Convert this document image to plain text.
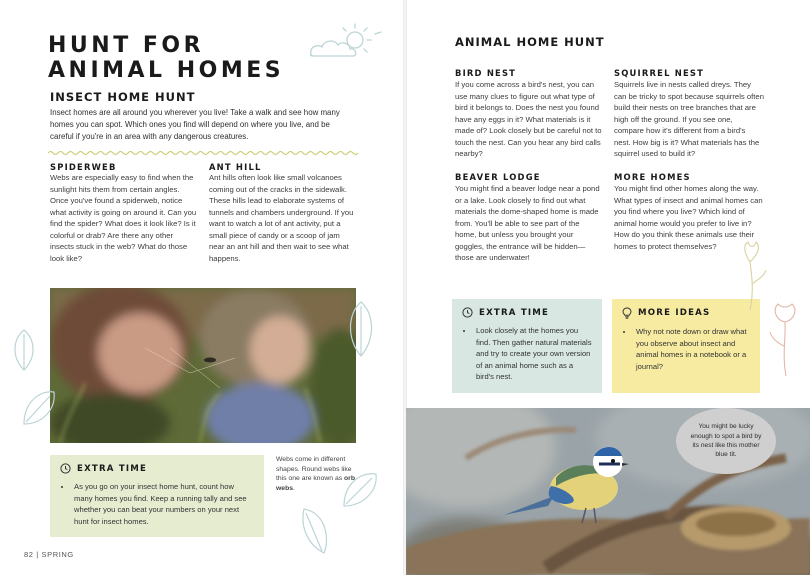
HUNT FOR
ANIMAL HOMES
INSECT HOME HUNT

Insect homes are all around you wherever you live! Take a walk and see how many homes you can spot. Which ones you find will depend on where you live, and be careful if you're in an area with any dangerous creatures.

SPIDERWEB

Webs are especially easy to find when the sunlight hits them from certain angles. Once you've found a spiderweb, notice what activity is going on around it. Can you find the spider? What does it look like? Is it colorful or drab? Are there any other insects stuck in the web? What do those look like?

ANT HILL

Ant hills often look like small volcanoes coming out of the cracks in the sidewalk. These hills lead to elaborate systems of tunnels and chambers underground. If you want to watch a lot of ant activity, put a small piece of candy or a scoop of jam near an ant hill and then wait to see what happens.

EXTRA TIME
• As you go on your insect home hunt, count how many homes you find. Keep a running tally and see whether you can beat your numbers on your next hunt for insect homes.
Webs come in different shapes. Round webs like this one are known as orb webs.
82 | SPRING
ANIMAL HOME HUNT
BIRD NEST

If you come across a bird's nest, you can use many clues to figure out what type of bird it belongs to. Does the nest you found have any eggs in it? What materials is it made of? Look closely but be careful not to touch the nest. Can you hear any bird calls nearby?

SQUIRREL NEST

Squirrels live in nests called dreys. They can be tricky to spot because squirrels often build their nests on tree branches that are high off the ground. If you see one, compare how it's different from a bird's nest. How big is it? What materials has the squirrel used to build it?

BEAVER LODGE

You might find a beaver lodge near a pond or a lake. Look closely to find out what materials the dome-shaped home is made from. You'll be able to see part of the home, but unless you brought your goggles, the entrance will be hidden—those are underwater!

MORE HOMES

You might find other homes along the way. What types of insect and animal homes can you find where you live? Which kind of animal home would you prefer to live in? How do you think these animals use their homes to protect themselves?

EXTRA TIME
• Look closely at the homes you find. Then gather natural materials and try to create your own version of an animal home such as a bird's nest.
MORE IDEAS
• Why not note down or draw what you observe about insect and animal homes in a notebook or a journal?
You might be lucky enough to spot a bird by its nest like this mother blue tit.
